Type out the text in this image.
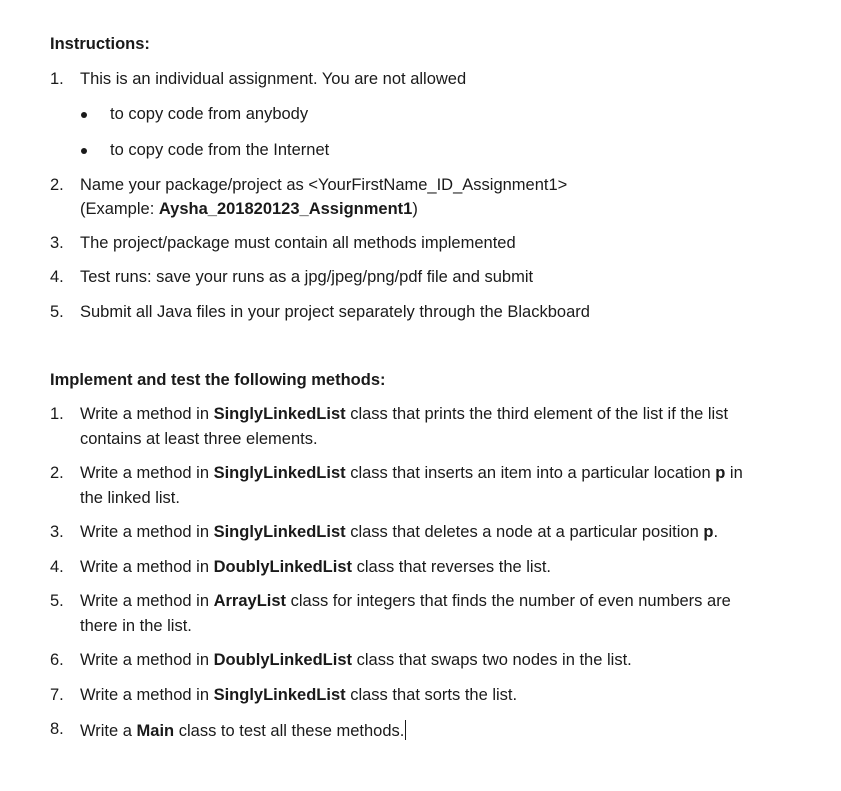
Instructions:
1. This is an individual assignment. You are not allowed
to copy code from anybody
to copy code from the Internet
2. Name your package/project as <YourFirstName_ID_Assignment1>
(Example: Aysha_201820123_Assignment1)
3. The project/package must contain all methods implemented
4. Test runs: save your runs as a jpg/jpeg/png/pdf file and submit
5. Submit all Java files in your project separately through the Blackboard
Implement and test the following methods:
1. Write a method in SinglyLinkedList class that prints the third element of the list if the list
contains at least three elements.
2. Write a method in SinglyLinkedList class that inserts an item into a particular location p in
the linked list.
3. Write a method in SinglyLinkedList class that deletes a node at a particular position p.
4. Write a method in DoublyLinkedList class that reverses the list.
5. Write a method in ArrayList class for integers that finds the number of even numbers are
there in the list.
6. Write a method in DoublyLinkedList class that swaps two nodes in the list.
7. Write a method in SinglyLinkedList class that sorts the list.
8. Write a Main class to test all these methods.
